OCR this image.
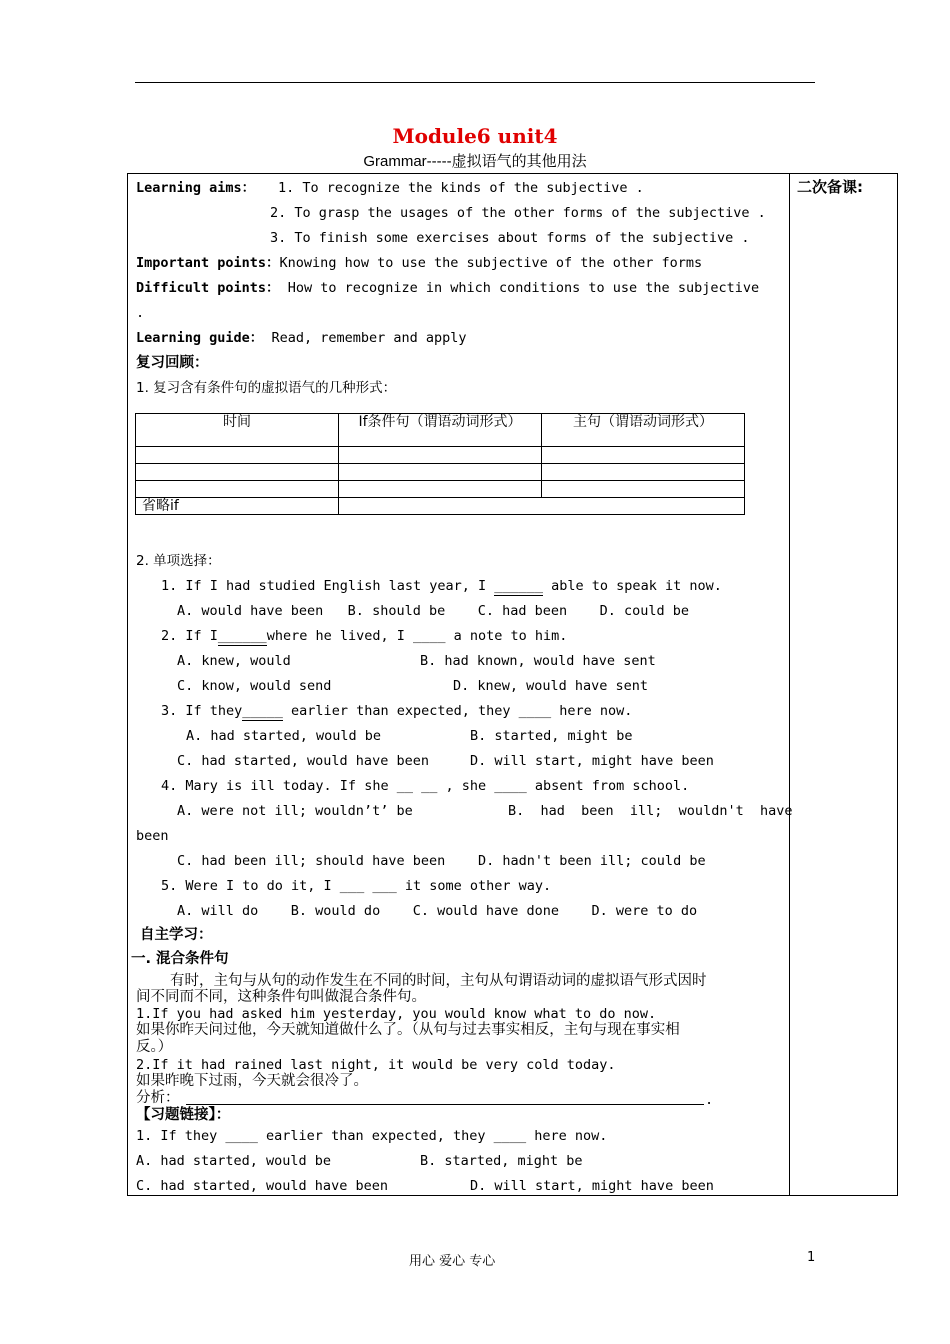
Module6 unit4
Grammar-----虚拟语气的其他用法
二次备课:
Learning aims： 1. To recognize the kinds of the subjective .
2. To grasp the usages of the other forms of the subjective .
3. To finish some exercises about forms of the subjective .
Important points：Knowing how to use the subjective of the other forms
Difficult points： How to recognize in which conditions to use the subjective
.
Learning guide： Read, remember and apply
复习回顾：
1. 复习含有条件句的虚拟语气的几种形式：
时间	If条件句（谓语动词形式）	主句（谓语动词形式）

省略if		
2. 单项选择：
1. If I had studied English last year, I ______ able to speak it now.
A. would have been   B. should be    C. had been    D. could be
2. If I______where he lived, I ____ a note to him.
A. knew, would	B. had known, would have sent
C. know, would send	D. knew, would have sent
3. If they_____ earlier than expected, they ____ here now.
A. had started, would be	B. started, might be
C. had started, would have been	D. will start, might have been
4. Mary is ill today. If she __ __ , she ____ absent from school.
A. were not ill; wouldn’t’ be	B.  had  been  ill;  wouldn't  have
been
C. had been ill; should have been D. hadn't been ill; could be
5. Were I to do it, I ___ ___ it some other way.
A. will do    B. would do    C. would have done    D. were to do
自主学习：
一. 混合条件句
有时，主句与从句的动作发生在不同的时间，主句从句谓语动词的虚拟语气形式因时
间不同而不同，这种条件句叫做混合条件句。
1.If you had asked him yesterday, you would know what to do now.
如果你昨天问过他，今天就知道做什么了。（从句与过去事实相反，主句与现在事实相
反。）
2.If it had rained last night, it would be very cold today.
如果昨晚下过雨，今天就会很冷了。
分析：	.
【习题链接】：
1. If they ____ earlier than expected, they ____ here now.
A. had started, would be	B. started, might be
C. had started, would have been	D. will start, might have been
用心 爱心 专心	1
